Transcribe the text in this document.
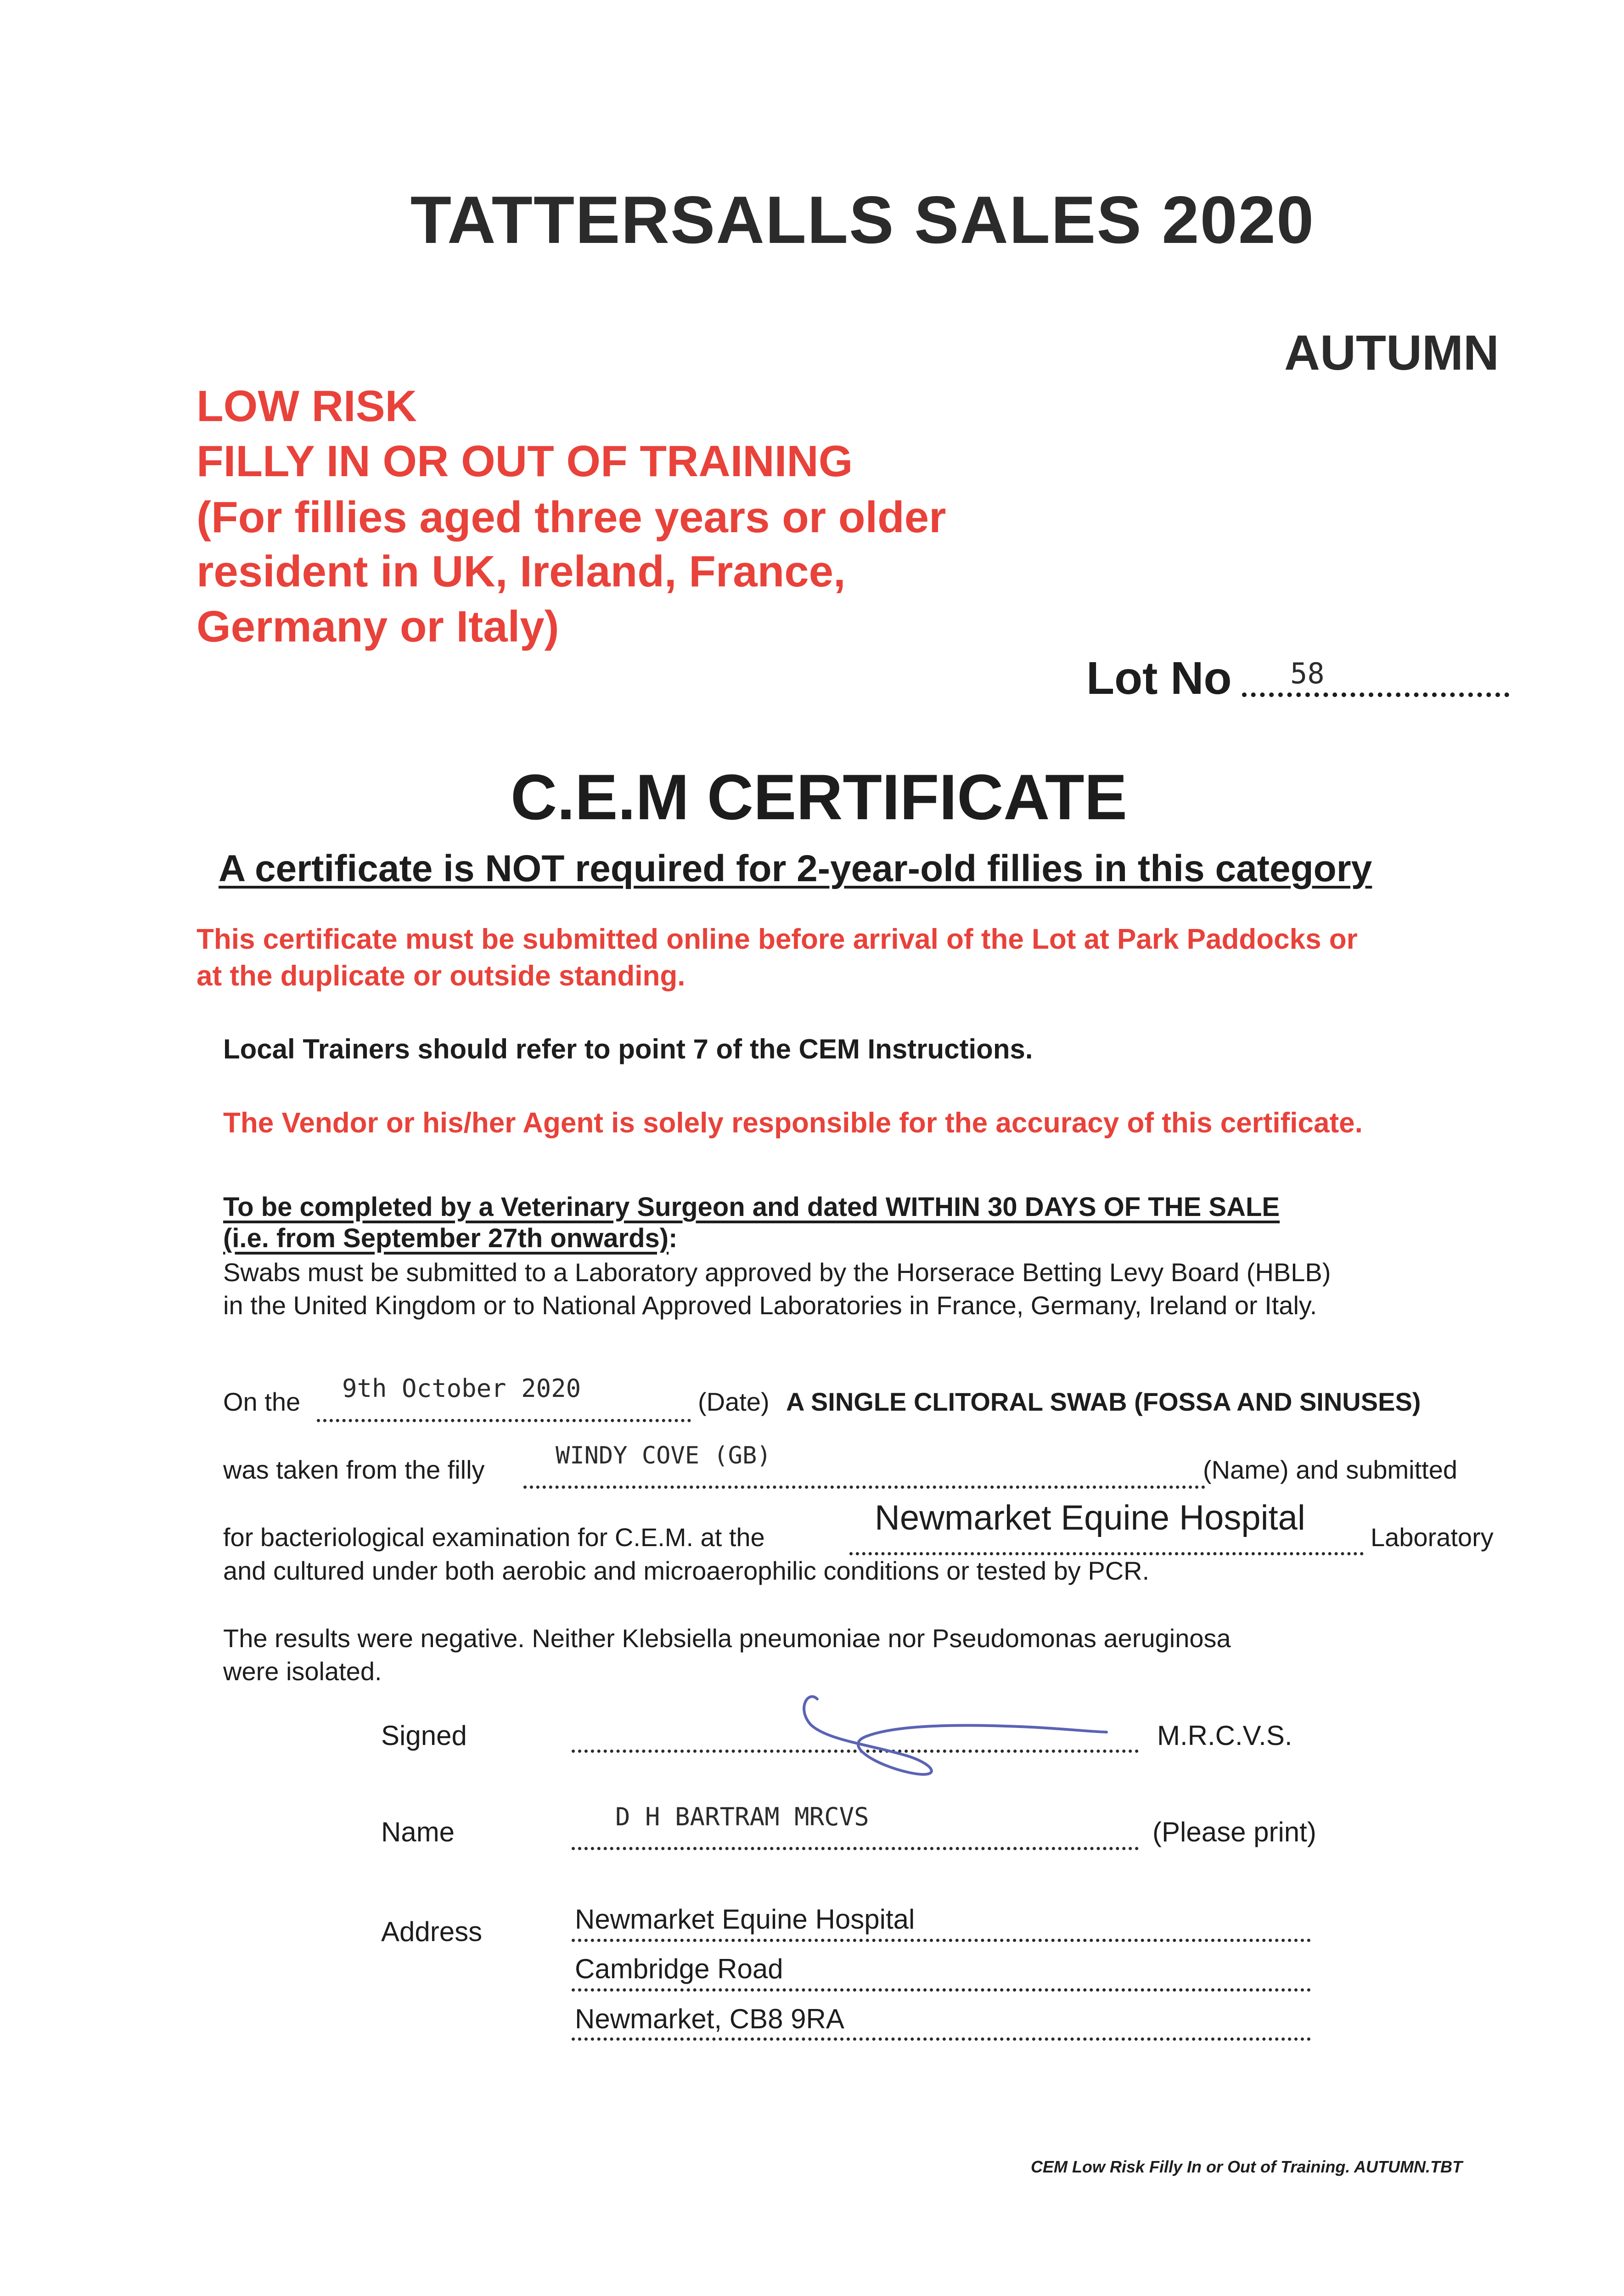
TATTERSALLS SALES 2020
AUTUMN
LOW RISK
FILLY IN OR OUT OF TRAINING
(For fillies aged three years or older
resident in UK, Ireland, France,
Germany or Italy)
Lot No 58
C.E.M CERTIFICATE
A certificate is NOT required for 2-year-old fillies in this category
This certificate must be submitted online before arrival of the Lot at Park Paddocks or
at the duplicate or outside standing.
Local Trainers should refer to point 7 of the CEM Instructions.
The Vendor or his/her Agent is solely responsible for the accuracy of this certificate.
To be completed by a Veterinary Surgeon and dated WITHIN 30 DAYS OF THE SALE
(i.e. from September 27th onwards):
Swabs must be submitted to a Laboratory approved by the Horserace Betting Levy Board (HBLB)
in the United Kingdom or to National Approved Laboratories in France, Germany, Ireland or Italy.
On the 9th October 2020	(Date) A SINGLE CLITORAL SWAB (FOSSA AND SINUSES)
was taken from the filly	WINDY COVE (GB)	(Name) and submitted
for bacteriological examination for C.E.M. at the	Newmarket Equine Hospital	Laboratory
and cultured under both aerobic and microaerophilic conditions or tested by PCR.
The results were negative. Neither Klebsiella pneumoniae nor Pseudomonas aeruginosa
were isolated.
Signed	M.R.C.V.S.
Name	D H BARTRAM MRCVS	(Please print)
Address	Newmarket Equine Hospital
Cambridge Road
Newmarket, CB8 9RA
CEM Low Risk Filly In or Out of Training. AUTUMN.TBT
